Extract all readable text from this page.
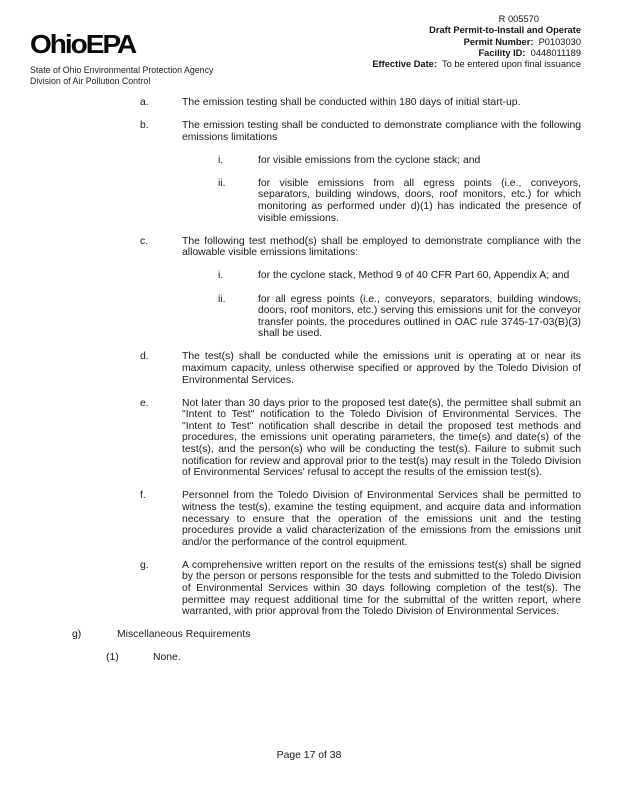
OhioEPA
State of Ohio Environmental Protection Agency
Division of Air Pollution Control
R 005570
Draft Permit-to-Install and Operate
Permit Number: P0103030
Facility ID: 0448011189
Effective Date: To be entered upon final issuance
a.	The emission testing shall be conducted within 180 days of initial start-up.
b.	The emission testing shall be conducted to demonstrate compliance with the following emissions limitations
i.	for visible emissions from the cyclone stack; and
ii.	for visible emissions from all egress points (i.e., conveyors, separators, building windows, doors, roof monitors, etc.) for which monitoring as performed under d)(1) has indicated the presence of visible emissions.
c.	The following test method(s) shall be employed to demonstrate compliance with the allowable visible emissions limitations:
i.	for the cyclone stack, Method 9 of 40 CFR Part 60, Appendix A; and
ii.	for all egress points (i.e., conveyors, separators, building windows, doors, roof monitors, etc.) serving this emissions unit for the conveyor transfer points, the procedures outlined in OAC rule 3745-17-03(B)(3) shall be used.
d.	The test(s) shall be conducted while the emissions unit is operating at or near its maximum capacity, unless otherwise specified or approved by the Toledo Division of Environmental Services.
e.	Not later than 30 days prior to the proposed test date(s), the permittee shall submit an "Intent to Test" notification to the Toledo Division of Environmental Services. The "Intent to Test" notification shall describe in detail the proposed test methods and procedures, the emissions unit operating parameters, the time(s) and date(s) of the test(s), and the person(s) who will be conducting the test(s). Failure to submit such notification for review and approval prior to the test(s) may result in the Toledo Division of Environmental Services' refusal to accept the results of the emission test(s).
f.	Personnel from the Toledo Division of Environmental Services shall be permitted to witness the test(s), examine the testing equipment, and acquire data and information necessary to ensure that the operation of the emissions unit and the testing procedures provide a valid characterization of the emissions from the emissions unit and/or the performance of the control equipment.
g.	A comprehensive written report on the results of the emissions test(s) shall be signed by the person or persons responsible for the tests and submitted to the Toledo Division of Environmental Services within 30 days following completion of the test(s). The permittee may request additional time for the submittal of the written report, where warranted, with prior approval from the Toledo Division of Environmental Services.
g)	Miscellaneous Requirements
(1)	None.
Page 17 of 38
